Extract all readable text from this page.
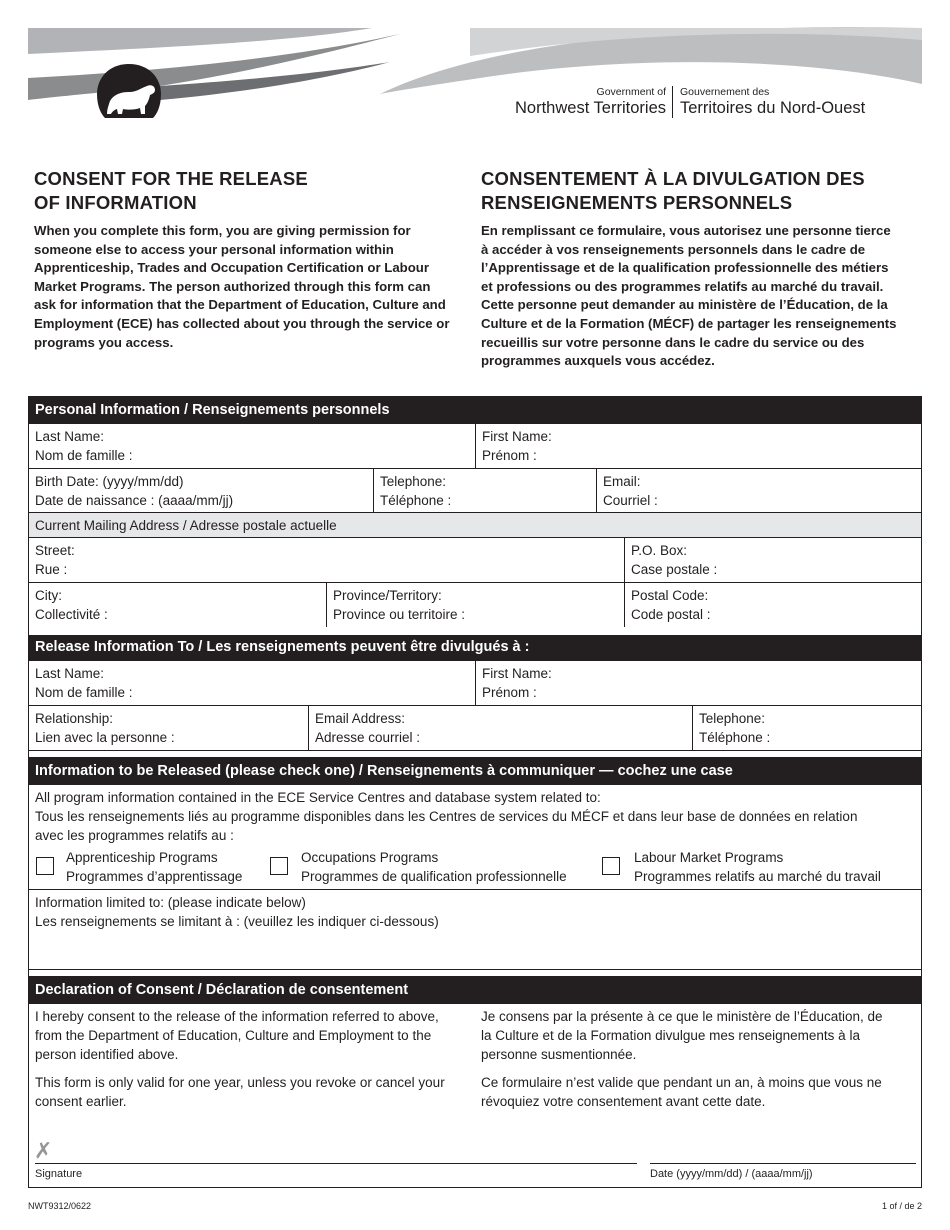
Government of
Northwest Territories
Gouvernement des
Territoires du Nord-Ouest
CONSENT FOR THE RELEASE
OF INFORMATION
CONSENTEMENT À LA DIVULGATION DES
RENSEIGNEMENTS PERSONNELS
When you complete this form, you are giving permission for
someone else to access your personal information within
Apprenticeship, Trades and Occupation Certification or Labour
Market Programs. The person authorized through this form can
ask for information that the Department of Education, Culture and
Employment (ECE) has collected about you through the service or
programs you access.
En remplissant ce formulaire, vous autorisez une personne tierce
à accéder à vos renseignements personnels dans le cadre de
l’Apprentissage et de la qualification professionnelle des métiers
et professions ou des programmes relatifs au marché du travail.
Cette personne peut demander au ministère de l’Éducation, de la
Culture et de la Formation (MÉCF) de partager les renseignements
recueillis sur votre personne dans le cadre du service ou des
programmes auxquels vous accédez.
Personal Information / Renseignements personnels
Last Name:
Nom de famille :
First Name:
Prénom :
Birth Date: (yyyy/mm/dd)
Date de naissance : (aaaa/mm/jj)
Telephone:
Téléphone :
Email:
Courriel :
Current Mailing Address / Adresse postale actuelle
Street:
Rue :
P.O. Box:
Case postale :
City:
Collectivité :
Province/Territory:
Province ou territoire :
Postal Code:
Code postal :
Release Information To / Les renseignements peuvent être divulgués à :
Last Name:
Nom de famille :
First Name:
Prénom :
Relationship:
Lien avec la personne :
Email Address:
Adresse courriel :
Telephone:
Téléphone :
Information to be Released (please check one) / Renseignements à communiquer — cochez une case
All program information contained in the ECE Service Centres and database system related to:
Tous les renseignements liés au programme disponibles dans les Centres de services du MÉCF et dans leur base de données en relation
avec les programmes relatifs au :
Apprenticeship Programs
Programmes d’apprentissage
Occupations Programs
Programmes de qualification professionnelle
Labour Market Programs
Programmes relatifs au marché du travail
Information limited to: (please indicate below)
Les renseignements se limitant à : (veuillez les indiquer ci-dessous)
Declaration of Consent / Déclaration de consentement
I hereby consent to the release of the information referred to above,
from the Department of Education, Culture and Employment to the
person identified above.
This form is only valid for one year, unless you revoke or cancel your
consent earlier.
Je consens par la présente à ce que le ministère de l’Éducation, de
la Culture et de la Formation divulgue mes renseignements à la
personne susmentionnée.
Ce formulaire n’est valide que pendant un an, à moins que vous ne
révoquiez votre consentement avant cette date.
✗
Signature	Date (yyyy/mm/dd) / (aaaa/mm/jj)
NWT9312/0622	1 of / de 2
